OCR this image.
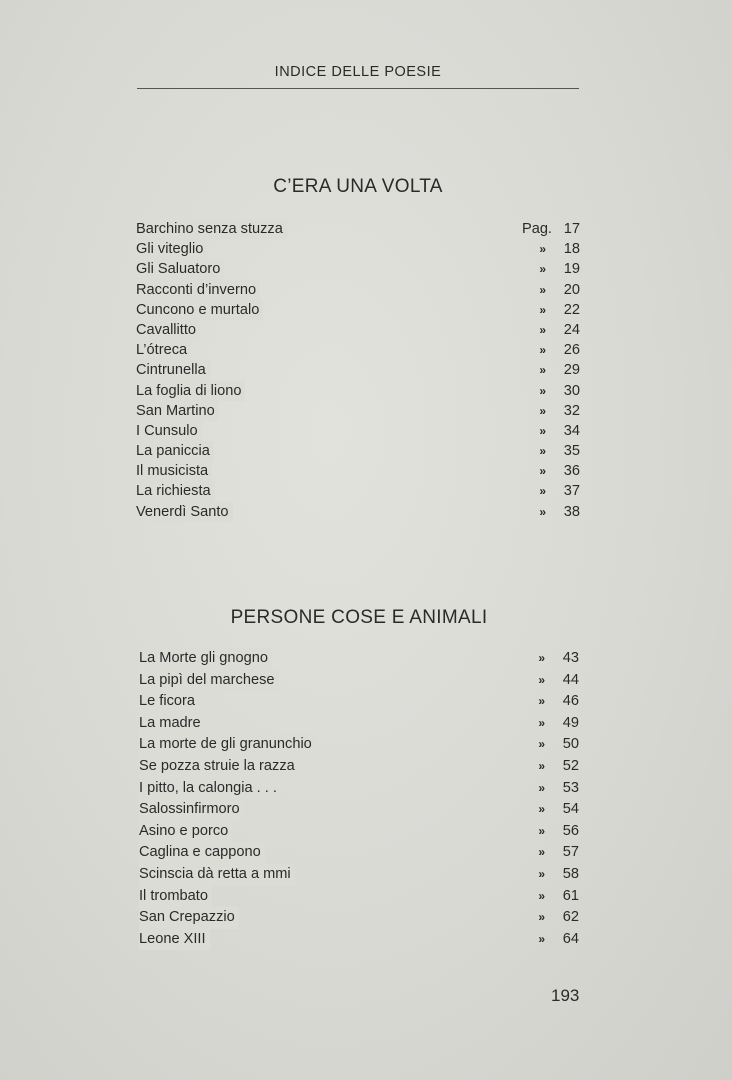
INDICE DELLE POESIE
C’ERA UNA VOLTA
Barchino senza stuzza	Pag. 17
Gli viteglio	»	18
Gli Saluatoro	»	19
Racconti d’inverno	»	20
Cuncono e murtalo	»	22
Cavallitto	»	24
L’ótreca	»	26
Cintrunella	»	29
La foglia di liono	»	30
San Martino	»	32
I Cunsulo	»	34
La paniccia	»	35
Il musicista	»	36
La richiesta	»	37
Venerdì Santo	»	38
PERSONE COSE E ANIMALI
La Morte gli gnogno	»	43
La pipì del marchese	»	44
Le ficora	»	46
La madre	»	49
La morte de gli granunchio	»	50
Se pozza struie la razza	»	52
I pitto, la calongia . . .	»	53
Salossinfirmoro	»	54
Asino e porco	»	56
Caglina e cappono	»	57
Scinscia dà retta a mmi	»	58
Il trombato	»	61
San Crepazzio	»	62
Leone XIII	»	64
193
